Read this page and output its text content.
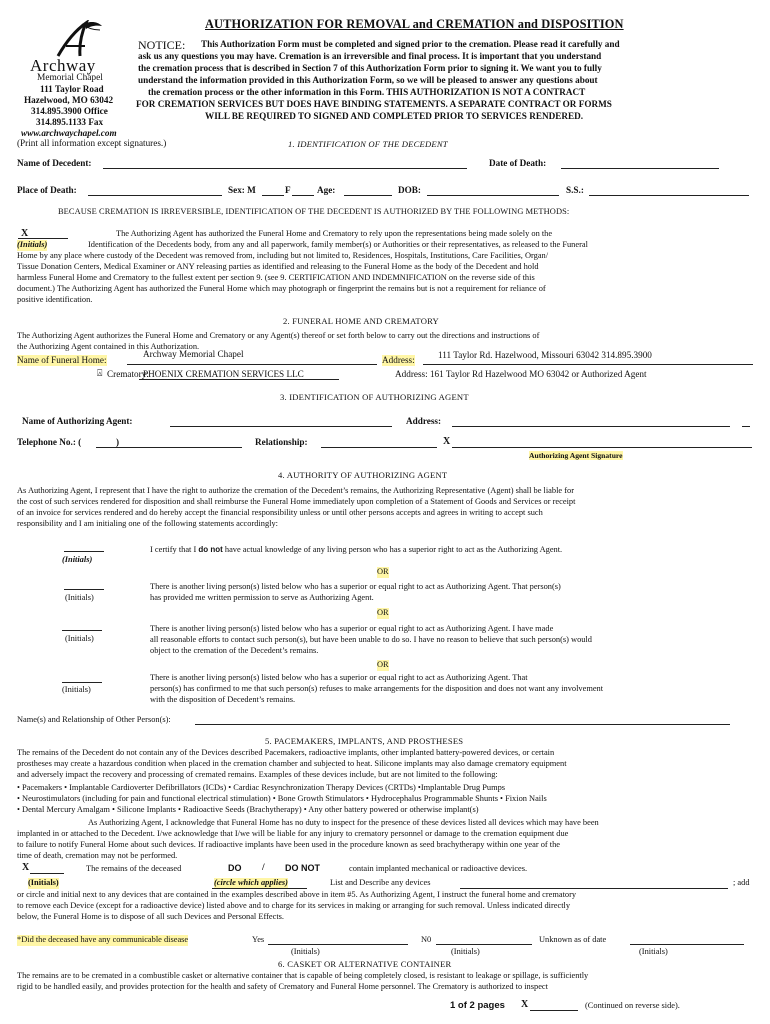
AUTHORIZATION FOR REMOVAL and CREMATION and DISPOSITION
Archway
Memorial Chapel
111 Taylor Road
Hazelwood, MO 63042
314.895.3900 Office
314.895.1133 Fax
www.archwaychapel.com
NOTICE: This Authorization Form must be completed and signed prior to the cremation. Please read it carefully and
ask us any questions you may have. Cremation is an irreversible and final process. It is important that you understand
the cremation process that is described in Section 7 of this Authorization Form prior to signing it. We want you to fully
understand the information provided in this Authorization Form, so we will be pleased to answer any questions about
the cremation process or the other information in this Form. THIS AUTHORIZATION IS NOT A CONTRACT
FOR CREMATION SERVICES BUT DOES HAVE BINDING STATEMENTS. A SEPARATE CONTRACT OR FORMS
WILL BE REQUIRED TO SIGNED AND COMPLETED PRIOR TO SERVICES RENDERED.
(Print all information except signatures.)	1. IDENTIFICATION OF THE DECEDENT
Name of Decedent:	Date of Death:
Place of Death:	Sex: M	F	Age:	DOB:	S.S.:
BECAUSE CREMATION IS IRREVERSIBLE, IDENTIFICATION OF THE DECEDENT IS AUTHORIZED BY THE FOLLOWING METHODS:
X
(Initials)
The Authorizing Agent has authorized the Funeral Home and Crematory to rely upon the representations being made solely on the
Identification of the Decedents body, from any and all paperwork, family member(s) or Authorities or their representatives, as released to the Funeral
Home by any place where custody of the Decedent was removed from, including but not limited to, Residences, Hospitals, Institutions, Care Facilities, Organ/
Tissue Donation Centers, Medical Examiner or ANY releasing parties as identified and releasing to the Funeral Home as the body of the Decedent and hold
harmless Funeral Home and Crematory to the fullest extent per section 9. (see 9. CERTIFICATION AND INDEMNIFICATION on the reverse side of this
document.) The Authorizing Agent has authorized the Funeral Home which may photograph or fingerprint the remains but is not a requirement for reliance of
positive identification.
2. FUNERAL HOME AND CREMATORY
The Authorizing Agent authorizes the Funeral Home and Crematory or any Agent(s) thereof or set forth below to carry out the directions and instructions of
the Authorizing Agent contained in this Authorization.
Name of Funeral Home:
Archway Memorial Chapel
Address:	111 Taylor Rd. Hazelwood, Missouri 63042 314.895.3900
⍓ Crematory:
PHOENIX CREMATION SERVICES LLC	Address: 161 Taylor Rd Hazelwood MO 63042 or Authorized Agent
3. IDENTIFICATION OF AUTHORIZING AGENT
Name of Authorizing Agent:	Address:
Telephone No.: (	)	Relationship:	X
Authorizing Agent Signature
4. AUTHORITY OF AUTHORIZING AGENT
As Authorizing Agent, I represent that I have the right to authorize the cremation of the Decedent’s remains, the Authorizing Representative (Agent) shall be liable for
the cost of such services rendered for disposition and shall reimburse the Funeral Home immediately upon completion of a Statement of Goods and Services or receipt
of an invoice for services rendered and do hereby accept the financial responsibility unless or until other persons accepts and agrees in writing to accept such
responsibility and I am initialing one of the following statements accordingly:
(Initials)
I certify that I do not have actual knowledge of any living person who has a superior right to act as the Authorizing Agent.
OR
(Initials)
There is another living person(s) listed below who has a superior or equal right to act as Authorizing Agent. That person(s)
has provided me written permission to serve as Authorizing Agent.
OR
(Initials)
There is another living person(s) listed below who has a superior or equal right to act as Authorizing Agent. I have made
all reasonable efforts to contact such person(s), but have been unable to do so. I have no reason to believe that such person(s) would
object to the cremation of the Decedent’s remains.
OR
(Initials)
There is another living person(s) listed below who has a superior or equal right to act as Authorizing Agent. That
person(s) has confirmed to me that such person(s) refuses to make arrangements for the disposition and does not want any involvement
with the disposition of Decedent’s remains.
Name(s) and Relationship of Other Person(s):
5. PACEMAKERS, IMPLANTS, AND PROSTHESES
The remains of the Decedent do not contain any of the Devices described Pacemakers, radioactive implants, other implanted battery-powered devices, or certain
prostheses may create a hazardous condition when placed in the cremation chamber and subjected to heat. Silicone implants may also damage crematory equipment
and adversely impact the recovery and processing of cremated remains. Examples of these devices include, but are not limited to the following:
• Pacemakers • Implantable Cardioverter Defibrillators (ICDs) • Cardiac Resynchronization Therapy Devices (CRTDs) •Implantable Drug Pumps
• Neurostimulators (including for pain and functional electrical stimulation) • Bone Growth Stimulators • Hydrocephalus Programmable Shunts • Fixion Nails
• Dental Mercury Amalgam • Silicone Implants • Radioactive Seeds (Brachytherapy) • Any other battery powered or otherwise implant(s)
As Authorizing Agent, I acknowledge that Funeral Home has no duty to inspect for the presence of these devices listed all devices which may have been
implanted in or attached to the Decedent. I/we acknowledge that I/we will be liable for any injury to crematory personnel or damage to the cremation equipment due
to failure to notify Funeral Home about such devices. If radioactive implants have been used in the procedure known as seed brachytherapy within one year of the
time of death, cremation may not be performed.
X	The remains of the deceased	DO / DO NOT	contain implanted mechanical or radioactive devices.
(Initials)	(circle which applies)	List and Describe any devices	; add
or circle and initial next to any devices that are contained in the examples described above in item #5. As Authorizing Agent, I instruct the funeral home and crematory
to remove each Device (except for a radioactive device) listed above and to charge for its services in making or arranging for such removal. Unless indicated directly
below, the Funeral Home is to dispose of all such Devices and Personal Effects.
*Did the deceased have any communicable disease	Yes	N0	Unknown as of date
(Initials)	(Initials)	(Initials)
6. CASKET OR ALTERNATIVE CONTAINER
The remains are to be cremated in a combustible casket or alternative container that is capable of being completely closed, is resistant to leakage or spillage, is sufficiently
rigid to be handled easily, and provides protection for the health and safety of Crematory and Funeral Home personnel. The Crematory is authorized to inspect
1 of 2 pages X	(Continued on reverse side).
